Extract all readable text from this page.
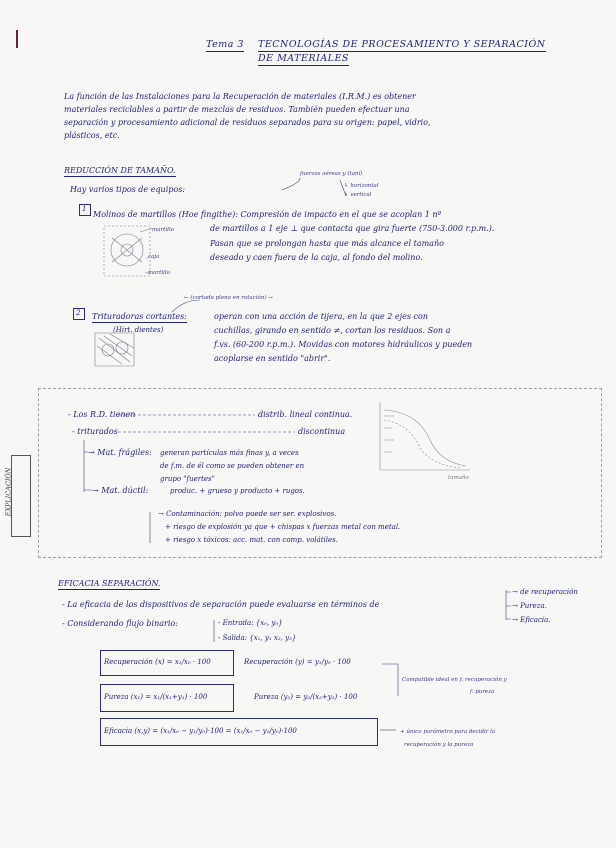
Tema 3 TECNOLOGÍAS DE PROCESAMIENTO Y SEPARACIÓN
DE MATERIALES
La función de las Instalaciones para la Recuperación de materiales (I.R.M.) es obtener
materiales reciclables a partir de mezclas de residuos. También pueden efectuar una
separación y procesamiento adicional de residuos separados para su origen: papel, vidrio,
plásticos, etc.
REDUCCIÓN DE TAMAÑO.
Hay varios tipos de equipos:
fuerzas aéreas y (taní)
↳ horizontal
↳ vertical
1
Molinos de martillos (Hoe fingithe): Compresión de impacto en el que se acoplan 1 nº
de martillos a 1 eje ⊥ que contacta que gira fuerte (750-3.000 r.p.m.).
Pasan que se prolongan hasta que más alcance el tamaño
deseado y caen fuera de la caja, al fondo del molino.
martillo
caja
martillo
2
← (cortado pleno en rotación) →
Trituradoras cortantes:
(Hirt. dientes)
operan con una acción de tijera, en la que 2 ejes con
cuchillas, girando en sentido ≠, cortan los residuos. Son a
f.vs. (60-200 r.p.m.). Movidas con motores hidráulicos y pueden
acoplarse en sentido "abrir".
EXPLICACIÓN
- Los R.D. tienen	distrib. lineal continua.
- triturados	discontinua
→ Mat. frágiles: generan partículas más finas y, a veces
de f.m. de él como se pueden obtener en
grupo "fuertes"
→ Mat. dúctil:	produc. + grueso y producto + rugos.
→ Contaminación: polvo puede ser ser. explosivos.
+ riesgo de explosión ya que + chispas x fuerzas metal con metal.
+ riesgo x tóxicos: acc. mat. con comp. volátiles.
tamaño
EFICACIA SEPARACIÓN.
- La eficacia de los dispositivos de separación puede evaluarse en términos de
→ de recuperación
→ Pureza.
→ Eficacia.
- Considerando flujo binario:	- Entrada: {x₀, y₀}
- Salida: {x₁, y₁ x₂, y₂}
Recuperación (x) = x₁/x₀ · 100	Recuperación (y) = y₁/y₀ · 100
Pureza (x₁) = x₁/(x₁+y₁) · 100	Pureza (y₂) = y₂/(x₂+y₂) · 100
Eficacia (x,y) = (x₁/x₀ − y₁/y₀)·100 = (x₁/x₀ − y₁/y₀)·100
Compatible ideal en f. recuperación y
f. pureza
+ único parámetro para decidir la
recuperación y la pureza
